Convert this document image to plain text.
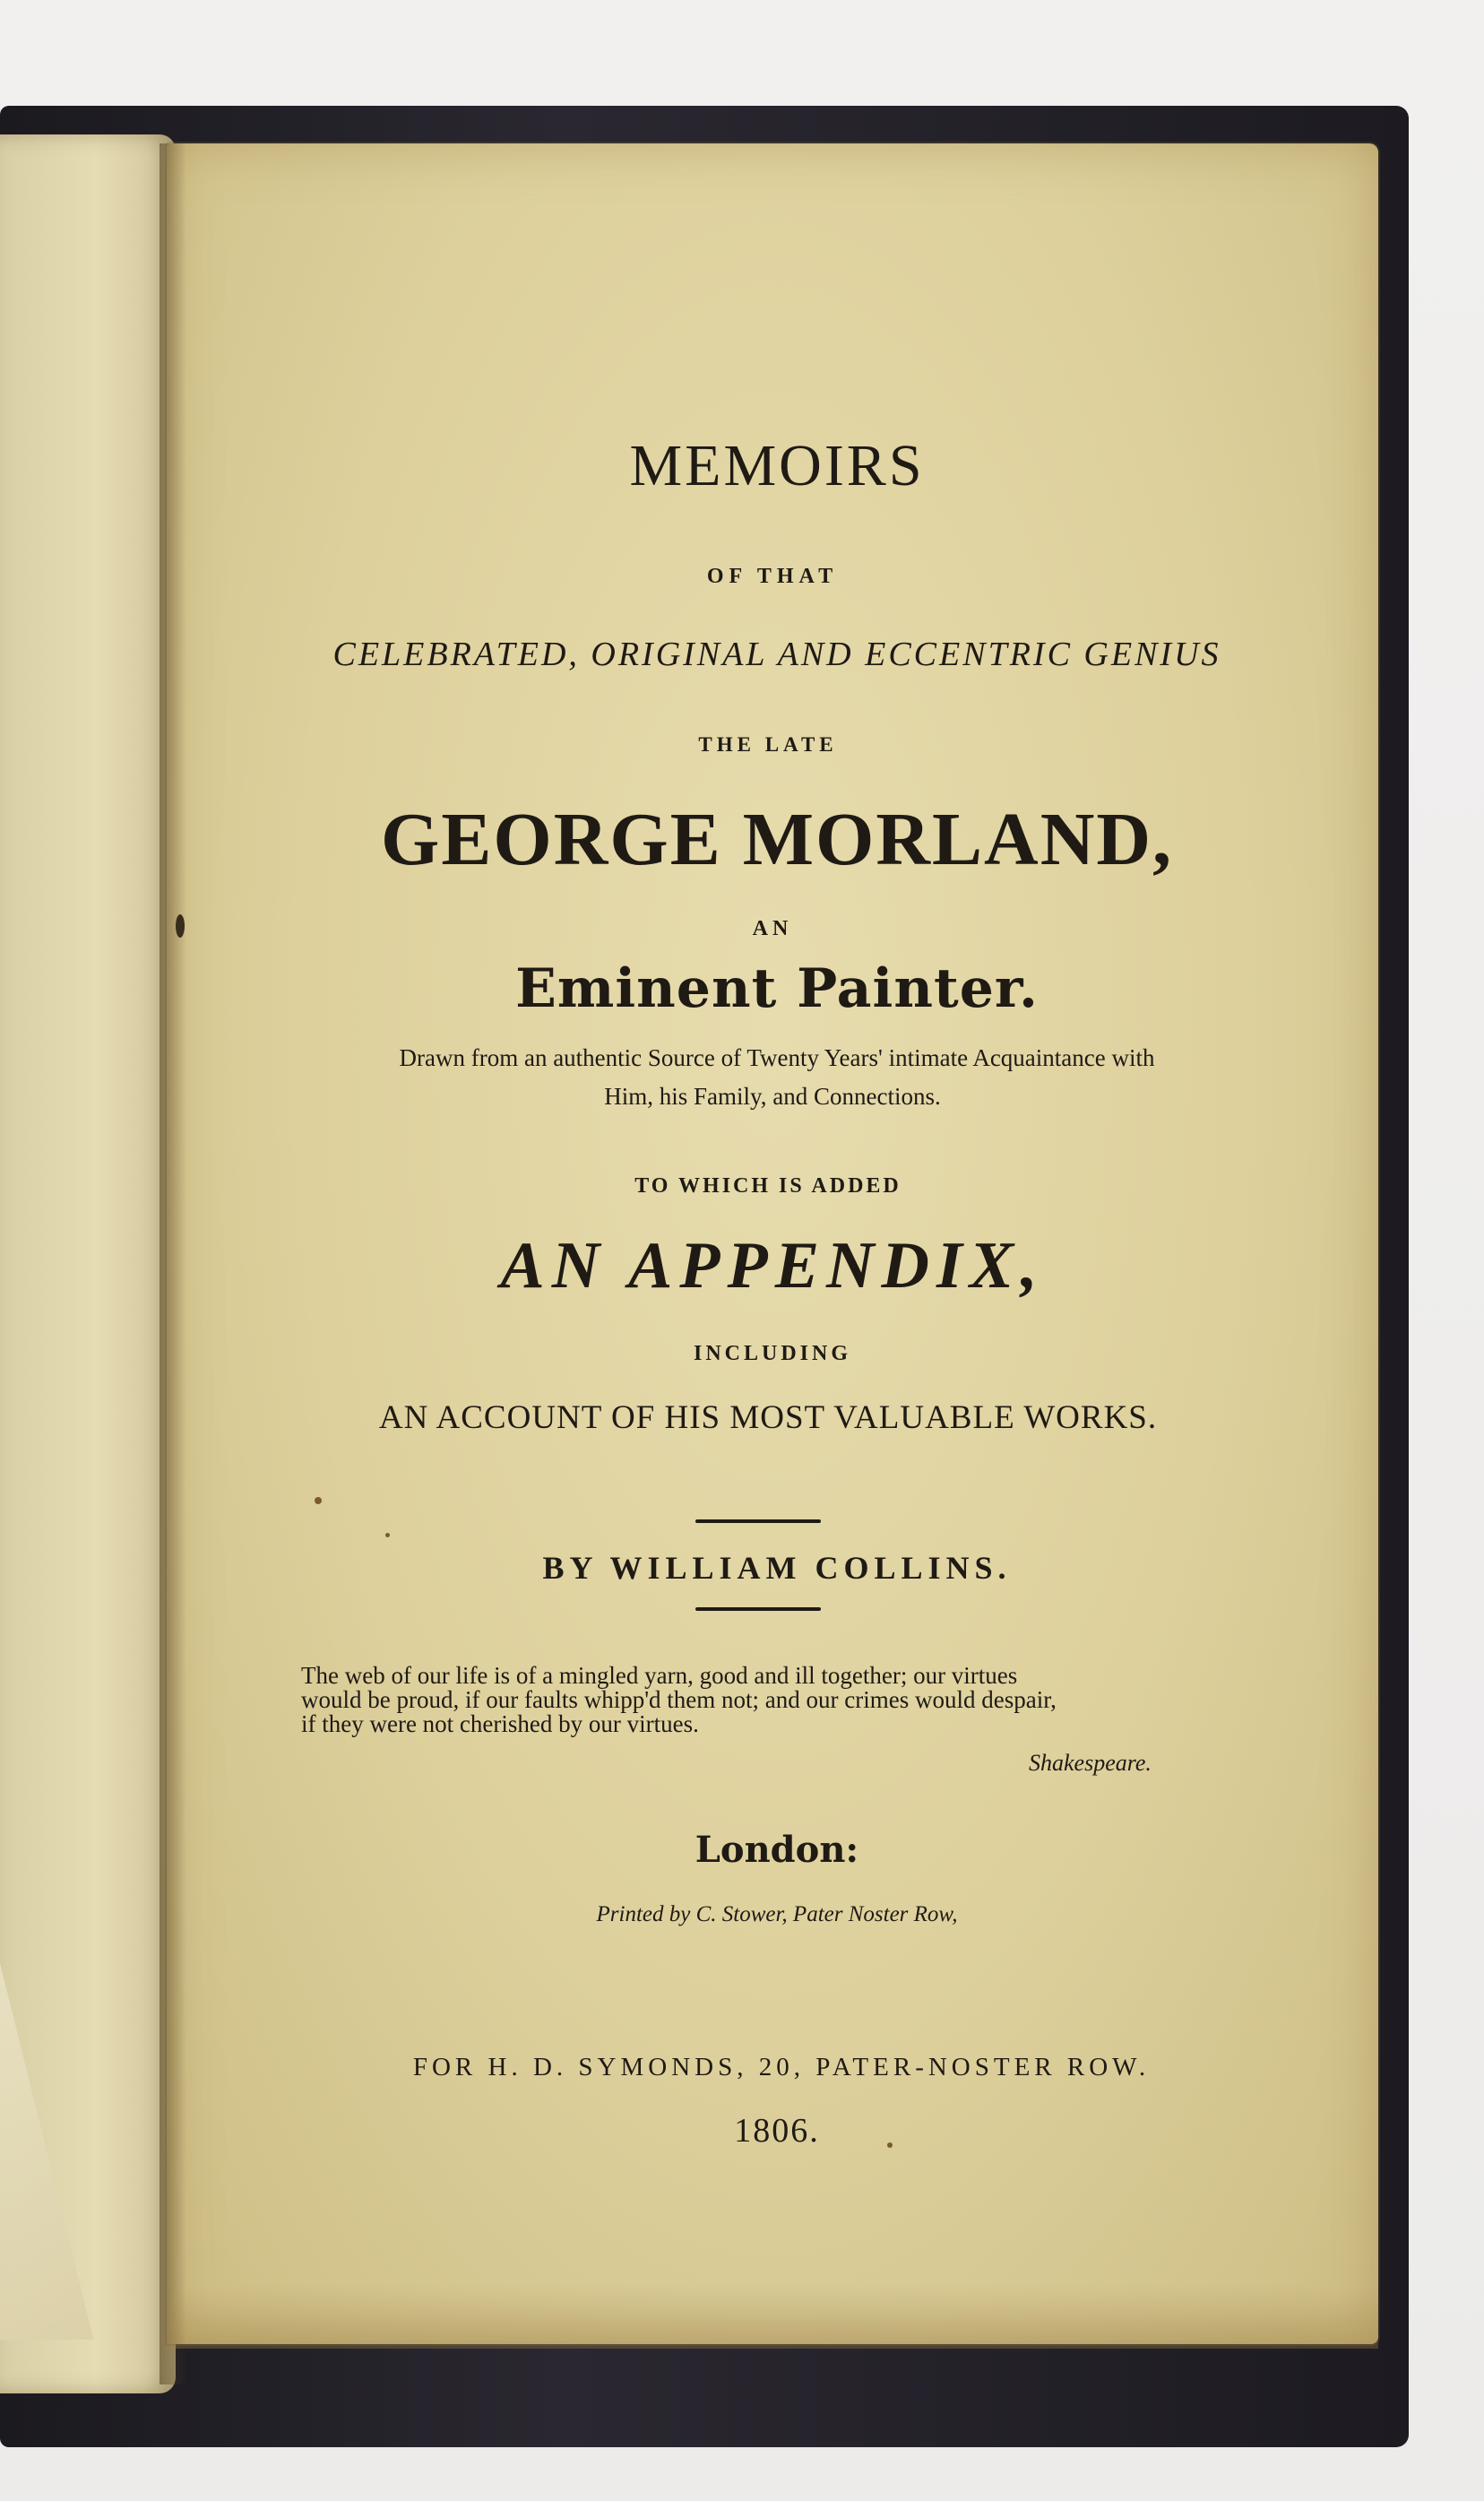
MEMOIRS
OF THAT
CELEBRATED, ORIGINAL AND ECCENTRIC GENIUS
THE LATE
GEORGE MORLAND,
AN
Eminent Painter.
Drawn from an authentic Source of Twenty Years' intimate Acquaintance with
Him, his Family, and Connections.
TO WHICH IS ADDED
AN APPENDIX,
INCLUDING
AN ACCOUNT OF HIS MOST VALUABLE WORKS.
BY WILLIAM COLLINS.
The web of our life is of a mingled yarn, good and ill together; our virtues
would be proud, if our faults whipp'd them not; and our crimes would despair,
if they were not cherished by our virtues.
Shakespeare.
London:
Printed by C. Stower, Pater Noster Row,
FOR H. D. SYMONDS, 20, PATER-NOSTER ROW.
1806.
